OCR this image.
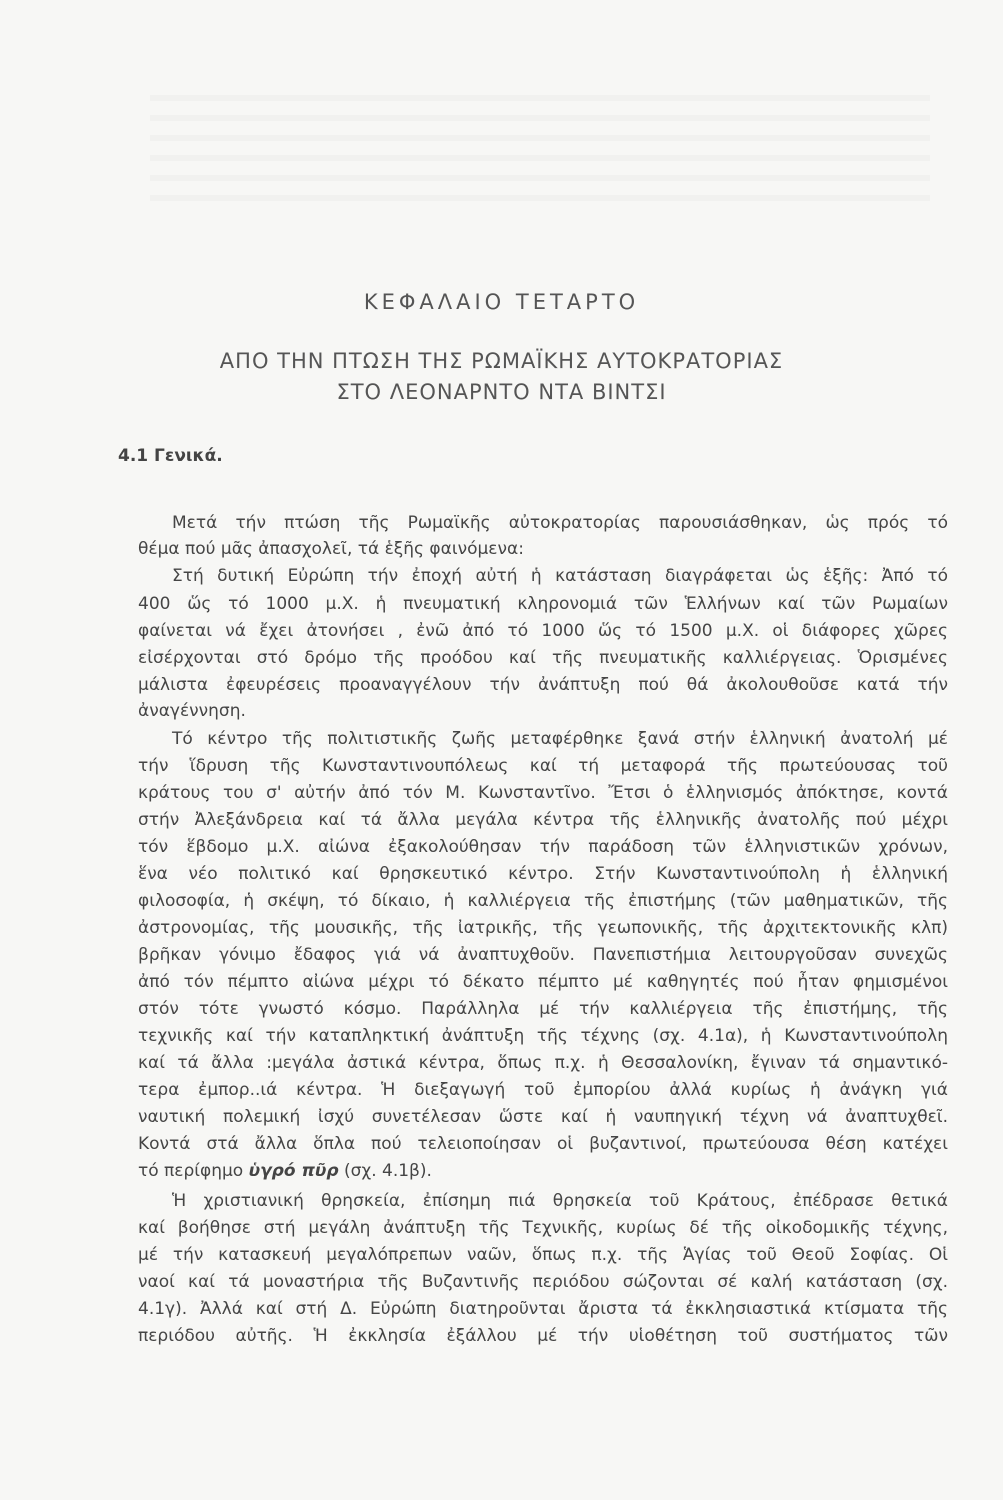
ΚΕΦΑΛΑΙΟ ΤΕΤΑΡΤΟ
ΑΠΟ ΤΗΝ ΠΤΩΣΗ ΤΗΣ ΡΩΜΑΪΚΗΣ ΑΥΤΟΚΡΑΤΟΡΙΑΣ
ΣΤΟ ΛΕΟΝΑΡΝΤΟ ΝΤΑ ΒΙΝΤΣΙ
4.1 Γενικά.
Μετά τήν πτώση τῆς Ρωμαϊκῆς αὐτοκρατορίας παρουσιάσθηκαν, ὡς πρός τό
θέμα πού μᾶς ἀπασχολεῖ, τά ἑξῆς φαινόμενα:
Στή δυτική Εὐρώπη τήν ἐποχή αὐτή ἡ κατάσταση διαγράφεται ὡς ἑξῆς: Ἀπό τό
400 ὥς τό 1000 μ.Χ. ἡ πνευματική κληρονομιά τῶν Ἑλλήνων καί τῶν Ρωμαίων
φαίνεται νά ἔχει ἀτονήσει , ἐνῶ ἀπό τό 1000 ὥς τό 1500 μ.Χ. οἱ διάφορες χῶρες
εἰσέρχονται στό δρόμο τῆς προόδου καί τῆς πνευματικῆς καλλιέργειας. Ὁρισμένες
μάλιστα ἐφευρέσεις προαναγγέλουν τήν ἀνάπτυξη πού θά ἀκολουθοῦσε κατά τήν
ἀναγέννηση.
Τό κέντρο τῆς πολιτιστικῆς ζωῆς μεταφέρθηκε ξανά στήν ἑλληνική ἀνατολή μέ
τήν ἵδρυση τῆς Κωνσταντινουπόλεως καί τή μεταφορά τῆς πρωτεύουσας τοῦ
κράτους του σ' αὐτήν ἀπό τόν Μ. Κωνσταντῖνο. Ἔτσι ὁ ἑλληνισμός ἀπόκτησε, κοντά
στήν Ἀλεξάνδρεια καί τά ἄλλα μεγάλα κέντρα τῆς ἑλληνικῆς ἀνατολῆς πού μέχρι
τόν ἕβδομο μ.Χ. αἰώνα ἐξακολούθησαν τήν παράδοση τῶν ἑλληνιστικῶν χρόνων,
ἕνα νέο πολιτικό καί θρησκευτικό κέντρο. Στήν Κωνσταντινούπολη ἡ ἑλληνική
φιλοσοφία, ἡ σκέψη, τό δίκαιο, ἡ καλλιέργεια τῆς ἐπιστήμης (τῶν μαθηματικῶν, τῆς
ἀστρονομίας, τῆς μουσικῆς, τῆς ἰατρικῆς, τῆς γεωπονικῆς, τῆς ἀρχιτεκτονικῆς κλπ)
βρῆκαν γόνιμο ἔδαφος γιά νά ἀναπτυχθοῦν. Πανεπιστήμια λειτουργοῦσαν συνεχῶς
ἀπό τόν πέμπτο αἰώνα μέχρι τό δέκατο πέμπτο μέ καθηγητές πού ἦταν φημισμένοι
στόν τότε γνωστό κόσμο. Παράλληλα μέ τήν καλλιέργεια τῆς ἐπιστήμης, τῆς
τεχνικῆς καί τήν καταπληκτική ἀνάπτυξη τῆς τέχνης (σχ. 4.1α), ἡ Κωνσταντινούπολη
καί τά ἄλλα :μεγάλα ἀστικά κέντρα, ὅπως π.χ. ἡ Θεσσαλονίκη, ἔγιναν τά σημαντικό-
τερα ἐμπορ..ιά κέντρα. Ἡ διεξαγωγή τοῦ ἐμπορίου ἀλλά κυρίως ἡ ἀνάγκη γιά
ναυτική πολεμική ἰσχύ συνετέλεσαν ὥστε καί ἡ ναυπηγική τέχνη νά ἀναπτυχθεῖ.
Κοντά στά ἄλλα ὅπλα πού τελειοποίησαν οἱ βυζαντινοί, πρωτεύουσα θέση κατέχει
τό περίφημο ὑγρό πῦρ (σχ. 4.1β).
Ἡ χριστιανική θρησκεία, ἐπίσημη πιά θρησκεία τοῦ Κράτους, ἐπέδρασε θετικά
καί βοήθησε στή μεγάλη ἀνάπτυξη τῆς Τεχνικῆς, κυρίως δέ τῆς οἰκοδομικῆς τέχνης,
μέ τήν κατασκευή μεγαλόπρεπων ναῶν, ὅπως π.χ. τῆς Ἁγίας τοῦ Θεοῦ Σοφίας. Οἱ
ναοί καί τά μοναστήρια τῆς Βυζαντινῆς περιόδου σώζονται σέ καλή κατάσταση (σχ.
4.1γ). Ἀλλά καί στή Δ. Εὐρώπη διατηροῦνται ἄριστα τά ἐκκλησιαστικά κτίσματα τῆς
περιόδου αὐτῆς. Ἡ ἐκκλησία ἐξάλλου μέ τήν υἱοθέτηση τοῦ συστήματος τῶν
